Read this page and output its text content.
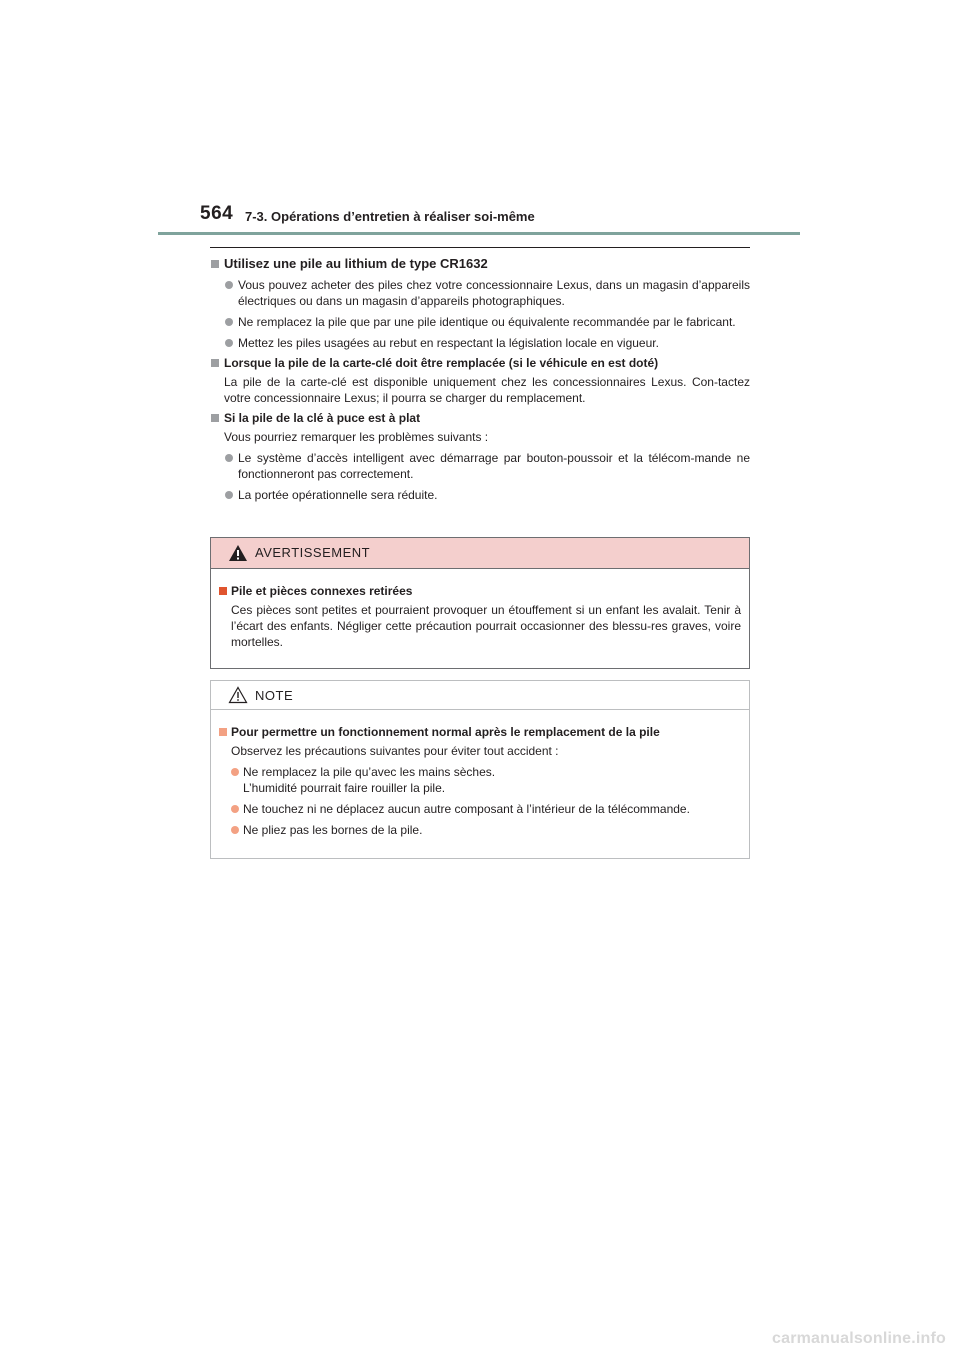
564 7-3. Opérations d’entretien à réaliser soi-même
Utilisez une pile au lithium de type CR1632
Vous pouvez acheter des piles chez votre concessionnaire Lexus, dans un magasin d’appareils électriques ou dans un magasin d’appareils photographiques.
Ne remplacez la pile que par une pile identique ou équivalente recommandée par le fabricant.
Mettez les piles usagées au rebut en respectant la législation locale en vigueur.
Lorsque la pile de la carte-clé doit être remplacée (si le véhicule en est doté)
La pile de la carte-clé est disponible uniquement chez les concessionnaires Lexus. Con-tactez votre concessionnaire Lexus; il pourra se charger du remplacement.
Si la pile de la clé à puce est à plat
Vous pourriez remarquer les problèmes suivants :
Le système d’accès intelligent avec démarrage par bouton-poussoir et la télécom-mande ne fonctionneront pas correctement.
La portée opérationnelle sera réduite.
AVERTISSEMENT
Pile et pièces connexes retirées
Ces pièces sont petites et pourraient provoquer un étouffement si un enfant les avalait. Tenir à l’écart des enfants. Négliger cette précaution pourrait occasionner des blessu-res graves, voire mortelles.
NOTE
Pour permettre un fonctionnement normal après le remplacement de la pile
Observez les précautions suivantes pour éviter tout accident :
Ne remplacez la pile qu’avec les mains sèches.
L’humidité pourrait faire rouiller la pile.
Ne touchez ni ne déplacez aucun autre composant à l’intérieur de la télécommande.
Ne pliez pas les bornes de la pile.
carmanualsonline.info
